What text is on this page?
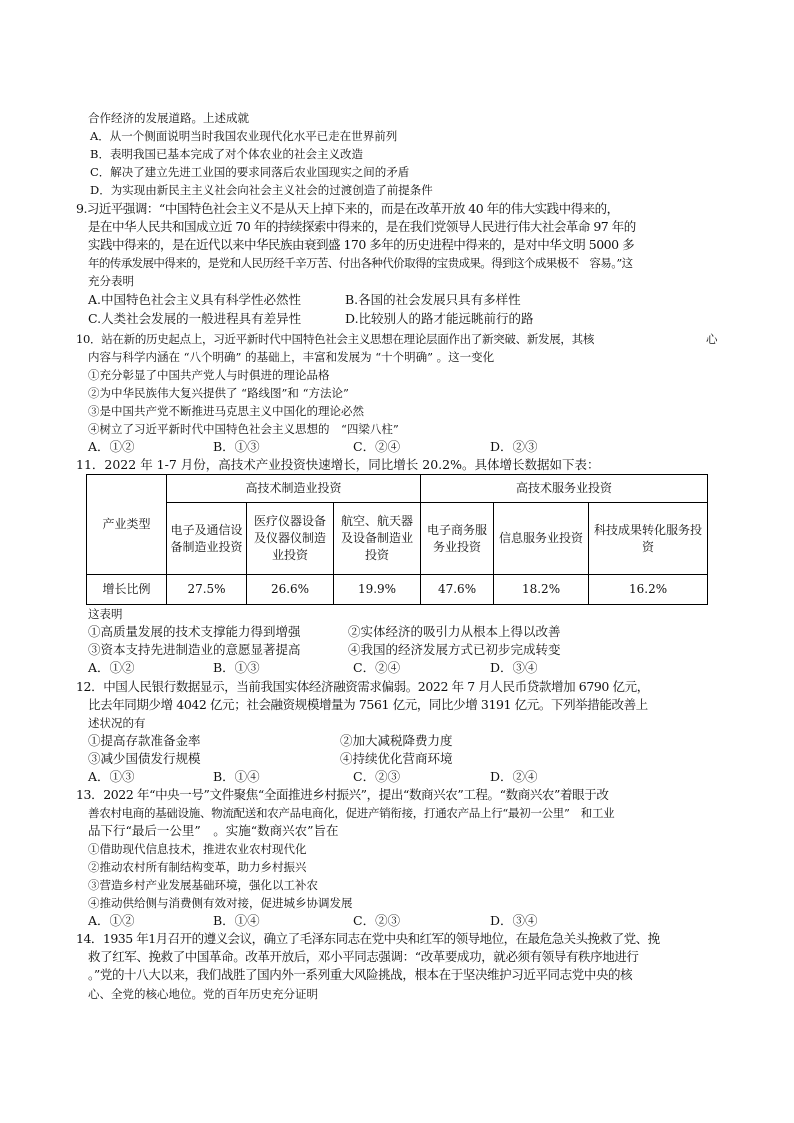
合作经济的发展道路。上述成就
A．从一个侧面说明当时我国农业现代化水平已走在世界前列
B．表明我国已基本完成了对个体农业的社会主义改造
C．解决了建立先进工业国的要求同落后农业国现实之间的矛盾
D．为实现由新民主主义社会向社会主义社会的过渡创造了前提条件
9.习近平强调：“中国特色社会主义不是从天上掉下来的，而是在改革开放 40 年的伟大实践中得来的，
是在中华人民共和国成立近 70 年的持续探索中得来的，是在我们党领导人民进行伟大社会革命 97 年的
实践中得来的，是在近代以来中华民族由衰到盛 170 多年的历史进程中得来的，是对中华文明 5000 多
年的传承发展中得来的，是党和人民历经千辛万苦、付出各种代价取得的宝贵成果。得到这个成果极不　容易。”这
充分表明
A.中国特色社会主义具有科学性必然性	B.各国的社会发展只具有多样性
C.人类社会发展的一般进程具有差异性	D.比较别人的路才能远眺前行的路
10．站在新的历史起点上，习近平新时代中国特色社会主义思想在理论层面作出了新突破、新发展，其核	心
内容与科学内涵在 “八个明确” 的基础上，丰富和发展为 “十个明确” 。这一变化
①充分彰显了中国共产党人与时俱进的理论品格
②为中华民族伟大复兴提供了 “路线图”和 “方法论”
③是中国共产党不断推进马克思主义中国化的理论必然
④树立了习近平新时代中国特色社会主义思想的　“四梁八柱”
A．①②	B．①③	C．②④	D．②③
11．2022 年 1-7 月份，高技术产业投资快速增长，同比增长 20.2%。具体增长数据如下表：
产业类型	高技术制造业投资			高技术服务业投资		
	电子及通信设备制造业投资	医疗仪器设备及仪器仪制造业投资	航空、航天器及设备制造业投资	电子商务服务业投资	信息服务业投资	科技成果转化服务投资
增长比例	27.5%	26.6%	19.9%	47.6%	18.2%	16.2%
这表明
①高质量发展的技术支撑能力得到增强	②实体经济的吸引力从根本上得以改善
③资本支持先进制造业的意愿显著提高	④我国的经济发展方式已初步完成转变
A．①②	B．①③	C．②④	D．③④
12．中国人民银行数据显示，当前我国实体经济融资需求偏弱。2022 年 7 月人民币贷款增加 6790 亿元，
比去年同期少增 4042 亿元；社会融资规模增量为 7561 亿元，同比少增 3191 亿元。下列举措能改善上
述状况的有
①提高存款准备金率	②加大减税降费力度
③减少国债发行规模	④持续优化营商环境
A．①③	B．①④	C．②③	D．②④
13．2022 年“中央一号”文件聚焦“全面推进乡村振兴”，提出“数商兴农”工程。“数商兴农”着眼于改
善农村电商的基础设施、物流配送和农产品电商化，促进产销衔接，打通农产品上行“最初一公里”　和工业
品下行“最后一公里”　。实施“数商兴农”旨在
①借助现代信息技术，推进农业农村现代化
②推动农村所有制结构变革，助力乡村振兴
③营造乡村产业发展基础环境，强化以工补农
④推动供给侧与消费侧有效对接，促进城乡协调发展
A．①②	B．①④	C．②③	D．③④
14．1935 年1月召开的遵义会议，确立了毛泽东同志在党中央和红军的领导地位，在最危急关头挽救了党、挽
救了红军、挽救了中国革命。改革开放后，邓小平同志强调：“改革要成功，就必须有领导有秩序地进行
。”党的十八大以来，我们战胜了国内外一系列重大风险挑战，根本在于坚决维护习近平同志党中央的核
心、全党的核心地位。党的百年历史充分证明
